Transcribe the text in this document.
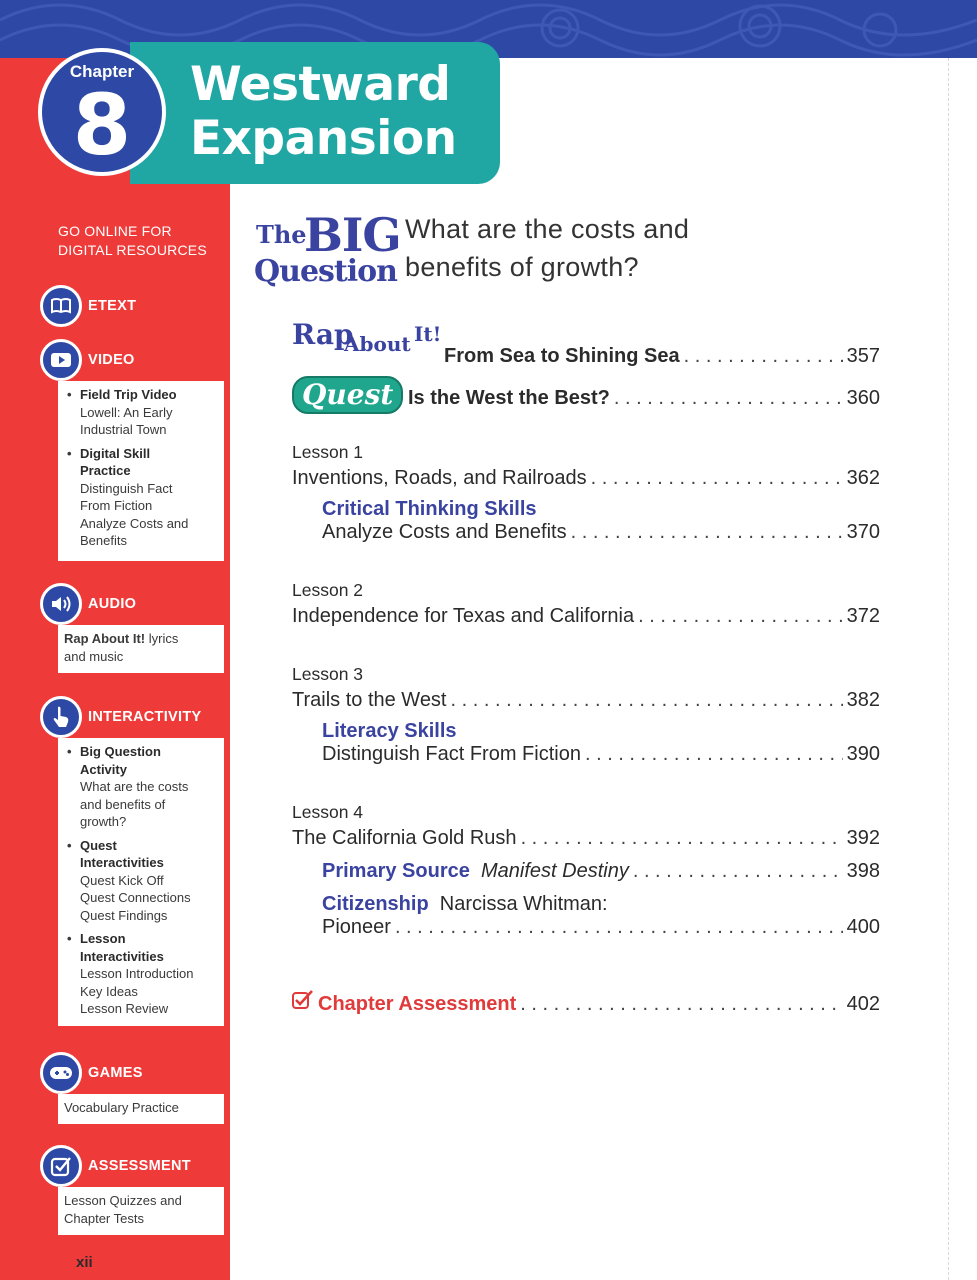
Westward
Expansion
Chapter
8
GO ONLINE FOR
DIGITAL RESOURCES
ETEXT
VIDEO
• Field Trip Video
Lowell: An Early
Industrial Town
• Digital Skill
Practice
Distinguish Fact
From Fiction
Analyze Costs and
Benefits
AUDIO
Rap About It! lyrics
and music
INTERACTIVITY
• Big Question
Activity
What are the costs
and benefits of
growth?
• Quest
Interactivities
Quest Kick Off
Quest Connections
Quest Findings
• Lesson
Interactivities
Lesson Introduction
Key Ideas
Lesson Review
GAMES
Vocabulary Practice
ASSESSMENT
Lesson Quizzes and
Chapter Tests
xii
The
BIG
Question
What are the costs and
benefits of growth?
Rap
About It!
From Sea to Shining Sea . . .	357
Quest Is the West the Best? . . .	360
Lesson 1
Inventions, Roads, and Railroads . . .	362
Critical Thinking Skills
Analyze Costs and Benefits . . .	370
Lesson 2
Independence for Texas and California . . .	372
Lesson 3
Trails to the West . . .	382
Literacy Skills
Distinguish Fact From Fiction . . .	390
Lesson 4
The California Gold Rush . . .	392
Primary Source
Manifest Destiny . . .	398
Citizenship
Narcissa Whitman:
Pioneer . . .	400
Chapter Assessment . . .	402
